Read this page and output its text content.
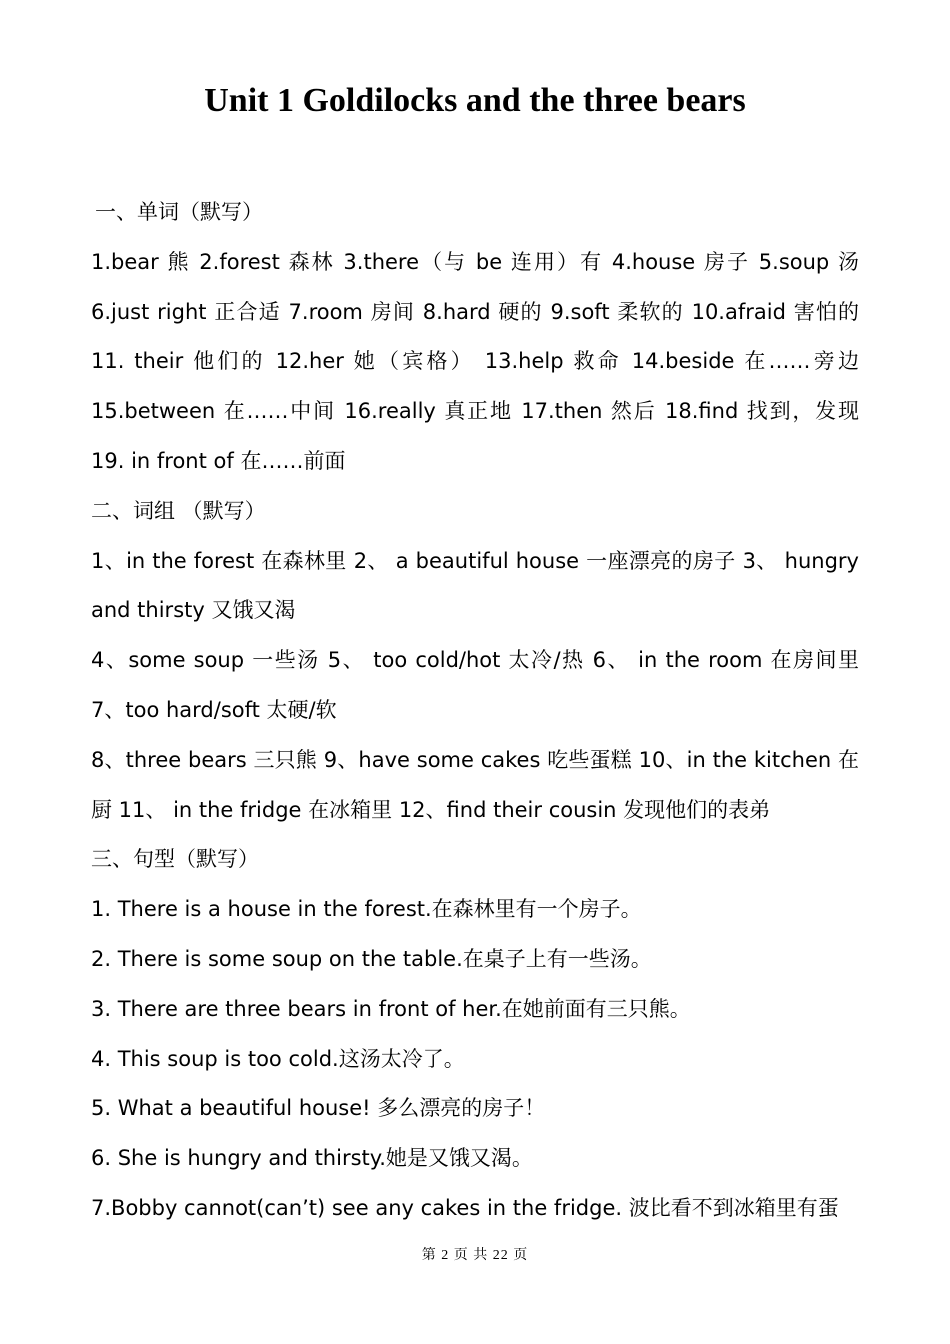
Unit 1 Goldilocks and the three bears

一、单词（默写）

1.bear 熊 2.forest 森林 3.there（与 be 连用）有 4.house 房子 5.soup 汤 6.just right 正合适 7.room 房间 8.hard 硬的 9.soft 柔软的 10.afraid 害怕的 11. their 他们的 12.her 她（宾格） 13.help 救命 14.beside 在……旁边 15.between 在……中间 16.really 真正地 17.then 然后 18.find 找到，发现 19. in front of 在……前面

二、词组 （默写）

1、in the forest 在森林里 2、 a beautiful house 一座漂亮的房子 3、 hungry and thirsty 又饿又渴

4、some soup 一些汤 5、 too cold/hot 太冷/热 6、 in the room 在房间里 7、too hard/soft 太硬/软

8、three bears 三只熊 9、have some cakes 吃些蛋糕 10、in the kitchen 在厨 11、 in the fridge 在冰箱里 12、find their cousin 发现他们的表弟

三、句型（默写）

1. There is a house in the forest.在森林里有一个房子。

2. There is some soup on the table.在桌子上有一些汤。

3. There are three bears in front of her.在她前面有三只熊。

4. This soup is too cold.这汤太冷了。

5. What a beautiful house! 多么漂亮的房子！

6. She is hungry and thirsty.她是又饿又渴。

7.Bobby cannot(can’t) see any cakes in the fridge. 波比看不到冰箱里有蛋

第 2 页 共 22 页
